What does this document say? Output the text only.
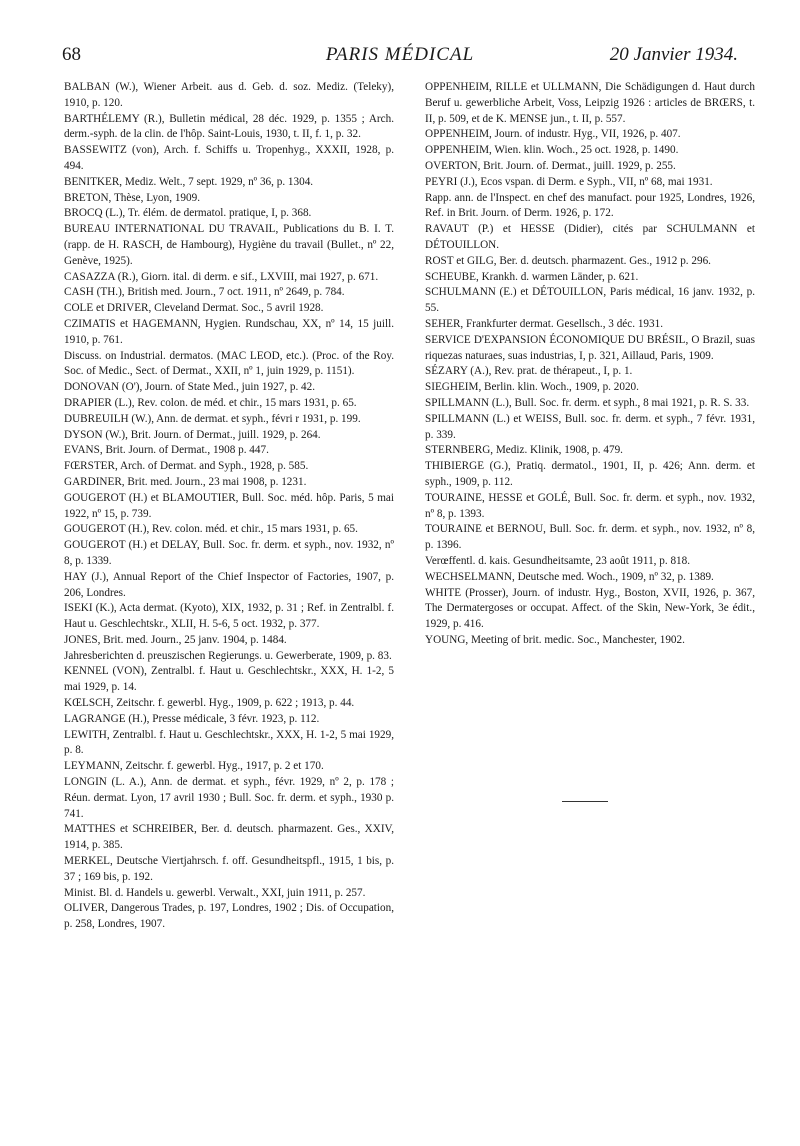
68	PARIS MÉDICAL	20 Janvier 1934.

BALBAN (W.), Wiener Arbeit. aus d. Geb. d. soz. Mediz. (Teleky), 1910, p. 120.

BARTHÉLEMY (R.), Bulletin médical, 28 déc. 1929, p. 1355 ; Arch. derm.-syph. de la clin. de l'hôp. Saint-Louis, 1930, t. II, f. 1, p. 32.

BASSEWITZ (von), Arch. f. Schiffs u. Tropenhyg., XXXII, 1928, p. 494.

BENITKER, Mediz. Welt., 7 sept. 1929, nº 36, p. 1304.

BRETON, Thèse, Lyon, 1909.

BROCQ (L.), Tr. élém. de dermatol. pratique, I, p. 368.

BUREAU INTERNATIONAL DU TRAVAIL, Publications du B. I. T. (rapp. de H. RASCH, de Hambourg), Hygiène du travail (Bullet., nº 22, Genève, 1925).

CASAZZA (R.), Giorn. ital. di derm. e sif., LXVIII, mai 1927, p. 671.

CASH (TH.), British med. Journ., 7 oct. 1911, nº 2649, p. 784.

COLE et DRIVER, Cleveland Dermat. Soc., 5 avril 1928.

CZIMATIS et HAGEMANN, Hygien. Rundschau, XX, nº 14, 15 juill. 1910, p. 761.

Discuss. on Industrial. dermatos. (MAC LEOD, etc.). (Proc. of the Roy. Soc. of Medic., Sect. of Dermat., XXII, nº 1, juin 1929, p. 1151).

DONOVAN (O'), Journ. of State Med., juin 1927, p. 42.

DRAPIER (L.), Rev. colon. de méd. et chir., 15 mars 1931, p. 65.

DUBREUILH (W.), Ann. de dermat. et syph., févri r 1931, p. 199.

DYSON (W.), Brit. Journ. of Dermat., juill. 1929, p. 264.

EVANS, Brit. Journ. of Dermat., 1908 p. 447.

FŒRSTER, Arch. of Dermat. and Syph., 1928, p. 585.

GARDINER, Brit. med. Journ., 23 mai 1908, p. 1231.

GOUGEROT (H.) et BLAMOUTIER, Bull. Soc. méd. hôp. Paris, 5 mai 1922, nº 15, p. 739.

GOUGEROT (H.), Rev. colon. méd. et chir., 15 mars 1931, p. 65.

GOUGEROT (H.) et DELAY, Bull. Soc. fr. derm. et syph., nov. 1932, nº 8, p. 1339.

HAY (J.), Annual Report of the Chief Inspector of Factories, 1907, p. 206, Londres.

ISEKI (K.), Acta dermat. (Kyoto), XIX, 1932, p. 31 ; Ref. in Zentralbl. f. Haut u. Geschlechtskr., XLII, H. 5-6, 5 oct. 1932, p. 377.

JONES, Brit. med. Journ., 25 janv. 1904, p. 1484.

Jahresberichten d. preuszischen Regierungs. u. Gewerberate, 1909, p. 83.

KENNEL (VON), Zentralbl. f. Haut u. Geschlechtskr., XXX, H. 1-2, 5 mai 1929, p. 14.

KŒLSCH, Zeitschr. f. gewerbl. Hyg., 1909, p. 622 ; 1913, p. 44.

LAGRANGE (H.), Presse médicale, 3 févr. 1923, p. 112.

LEWITH, Zentralbl. f. Haut u. Geschlechtskr., XXX, H. 1-2, 5 mai 1929, p. 8.

LEYMANN, Zeitschr. f. gewerbl. Hyg., 1917, p. 2 et 170.

LONGIN (L. A.), Ann. de dermat. et syph., févr. 1929, nº 2, p. 178 ; Réun. dermat. Lyon, 17 avril 1930 ; Bull. Soc. fr. derm. et syph., 1930 p. 741.

MATTHES et SCHREIBER, Ber. d. deutsch. pharmazent. Ges., XXIV, 1914, p. 385.

MERKEL, Deutsche Viertjahrsch. f. off. Gesundheitspfl., 1915, 1 bis, p. 37 ; 169 bis, p. 192.

Minist. Bl. d. Handels u. gewerbl. Verwalt., XXI, juin 1911, p. 257.

OLIVER, Dangerous Trades, p. 197, Londres, 1902 ; Dis. of Occupation, p. 258, Londres, 1907.

OPPENHEIM, RILLE et ULLMANN, Die Schädigungen d. Haut durch Beruf u. gewerbliche Arbeit, Voss, Leipzig 1926 : articles de BRŒRS, t. II, p. 509, et de K. MENSE jun., t. II, p. 557.

OPPENHEIM, Journ. of industr. Hyg., VII, 1926, p. 407.

OPPENHEIM, Wien. klin. Woch., 25 oct. 1928, p. 1490.

OVERTON, Brit. Journ. of. Dermat., juill. 1929, p. 255.

PEYRI (J.), Ecos vspan. di Derm. e Syph., VII, nº 68, mai 1931.

Rapp. ann. de l'Inspect. en chef des manufact. pour 1925, Londres, 1926, Ref. in Brit. Journ. of Derm. 1926, p. 172.

RAVAUT (P.) et HESSE (Didier), cités par SCHULMANN et DÉTOUILLON.

ROST et GILG, Ber. d. deutsch. pharmazent. Ges., 1912 p. 296.

SCHEUBE, Krankh. d. warmen Länder, p. 621.

SCHULMANN (E.) et DÉTOUILLON, Paris médical, 16 janv. 1932, p. 55.

SEHER, Frankfurter dermat. Gesellsch., 3 déc. 1931.

SERVICE D'EXPANSION ÉCONOMIQUE DU BRÉSIL, O Brazil, suas riquezas naturaes, suas industrias, I, p. 321, Aillaud, Paris, 1909.

SÉZARY (A.), Rev. prat. de thérapeut., I, p. 1.

SIEGHEIM, Berlin. klin. Woch., 1909, p. 2020.

SPILLMANN (L.), Bull. Soc. fr. derm. et syph., 8 mai 1921, p. R. S. 33.

SPILLMANN (L.) et WEISS, Bull. soc. fr. derm. et syph., 7 févr. 1931, p. 339.

STERNBERG, Mediz. Klinik, 1908, p. 479.

THIBIERGE (G.), Pratiq. dermatol., 1901, II, p. 426; Ann. derm. et syph., 1909, p. 112.

TOURAINE, HESSE et GOLÉ, Bull. Soc. fr. derm. et syph., nov. 1932, nº 8, p. 1393.

TOURAINE et BERNOU, Bull. Soc. fr. derm. et syph., nov. 1932, nº 8, p. 1396.

Verœffentl. d. kais. Gesundheitsamte, 23 août 1911, p. 818.

WECHSELMANN, Deutsche med. Woch., 1909, nº 32, p. 1389.

WHITE (Prosser), Journ. of industr. Hyg., Boston, XVII, 1926, p. 367, The Dermatergoses or occupat. Affect. of the Skin, New-York, 3e édit., 1929, p. 416.

YOUNG, Meeting of brit. medic. Soc., Manchester, 1902.
